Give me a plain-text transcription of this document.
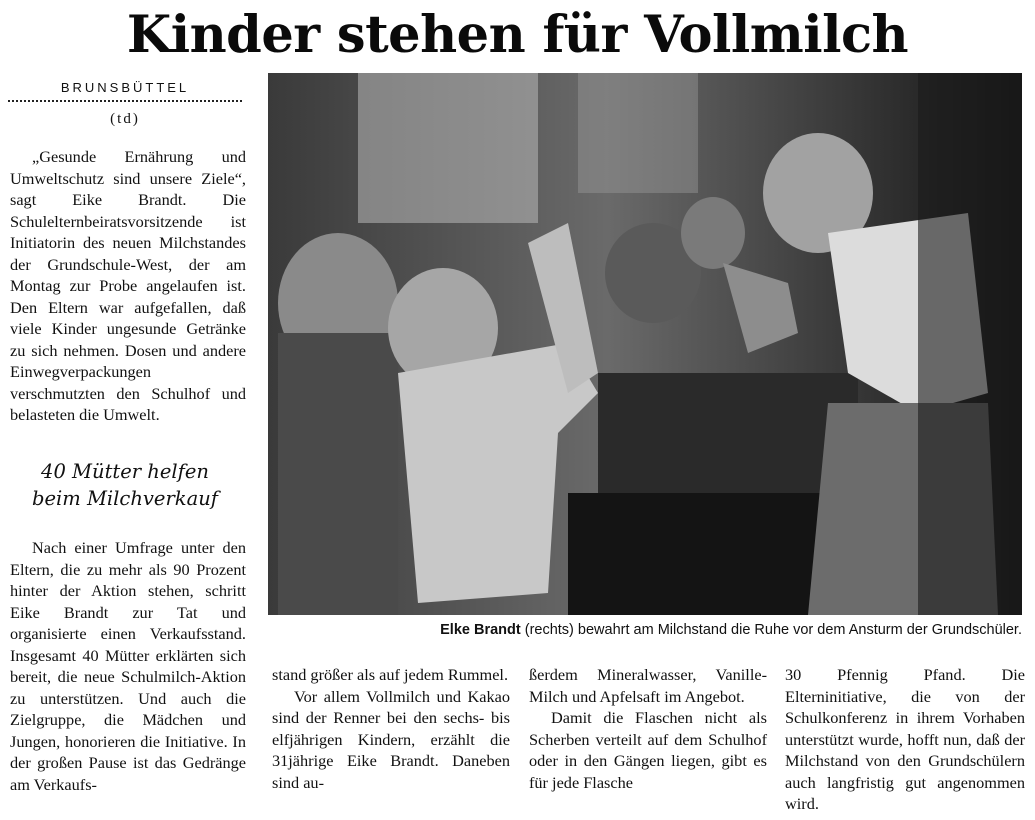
Kinder stehen für Vollmilch
BRUNSBÜTTEL
(td)

„Gesunde Ernährung und Umweltschutz sind unsere Ziele“, sagt Eike Brandt. Die Schulelternbeiratsvorsitzende ist Initiatorin des neuen Milchstandes der Grundschule-West, der am Montag zur Probe angelaufen ist. Den Eltern war aufgefallen, daß viele Kinder ungesunde Getränke zu sich nehmen. Dosen und andere Einwegverpackungen verschmutzten den Schulhof und belasteten die Umwelt.

40 Mütter helfen
beim Milchverkauf

Nach einer Umfrage unter den Eltern, die zu mehr als 90 Prozent hinter der Aktion stehen, schritt Eike Brandt zur Tat und organisierte einen Verkaufsstand. Insgesamt 40 Mütter erklärten sich bereit, die neue Schulmilch-Aktion zu unterstützen. Und auch die Zielgruppe, die Mädchen und Jungen, honorieren die Initiative. In der großen Pause ist das Gedränge am Verkaufs-

Elke Brandt (rechts) bewahrt am Milchstand die Ruhe vor dem Ansturm der Grundschüler.

stand größer als auf jedem Rummel.

Vor allem Vollmilch und Kakao sind der Renner bei den sechs- bis elfjährigen Kindern, erzählt die 31jährige Eike Brandt. Daneben sind au-

ßerdem Mineralwasser, Vanille-Milch und Apfelsaft im Angebot.

Damit die Flaschen nicht als Scherben verteilt auf dem Schulhof oder in den Gängen liegen, gibt es für jede Flasche

30 Pfennig Pfand. Die Elterninitiative, die von der Schulkonferenz in ihrem Vorhaben unterstützt wurde, hofft nun, daß der Milchstand von den Grundschülern auch langfristig gut angenommen wird.
